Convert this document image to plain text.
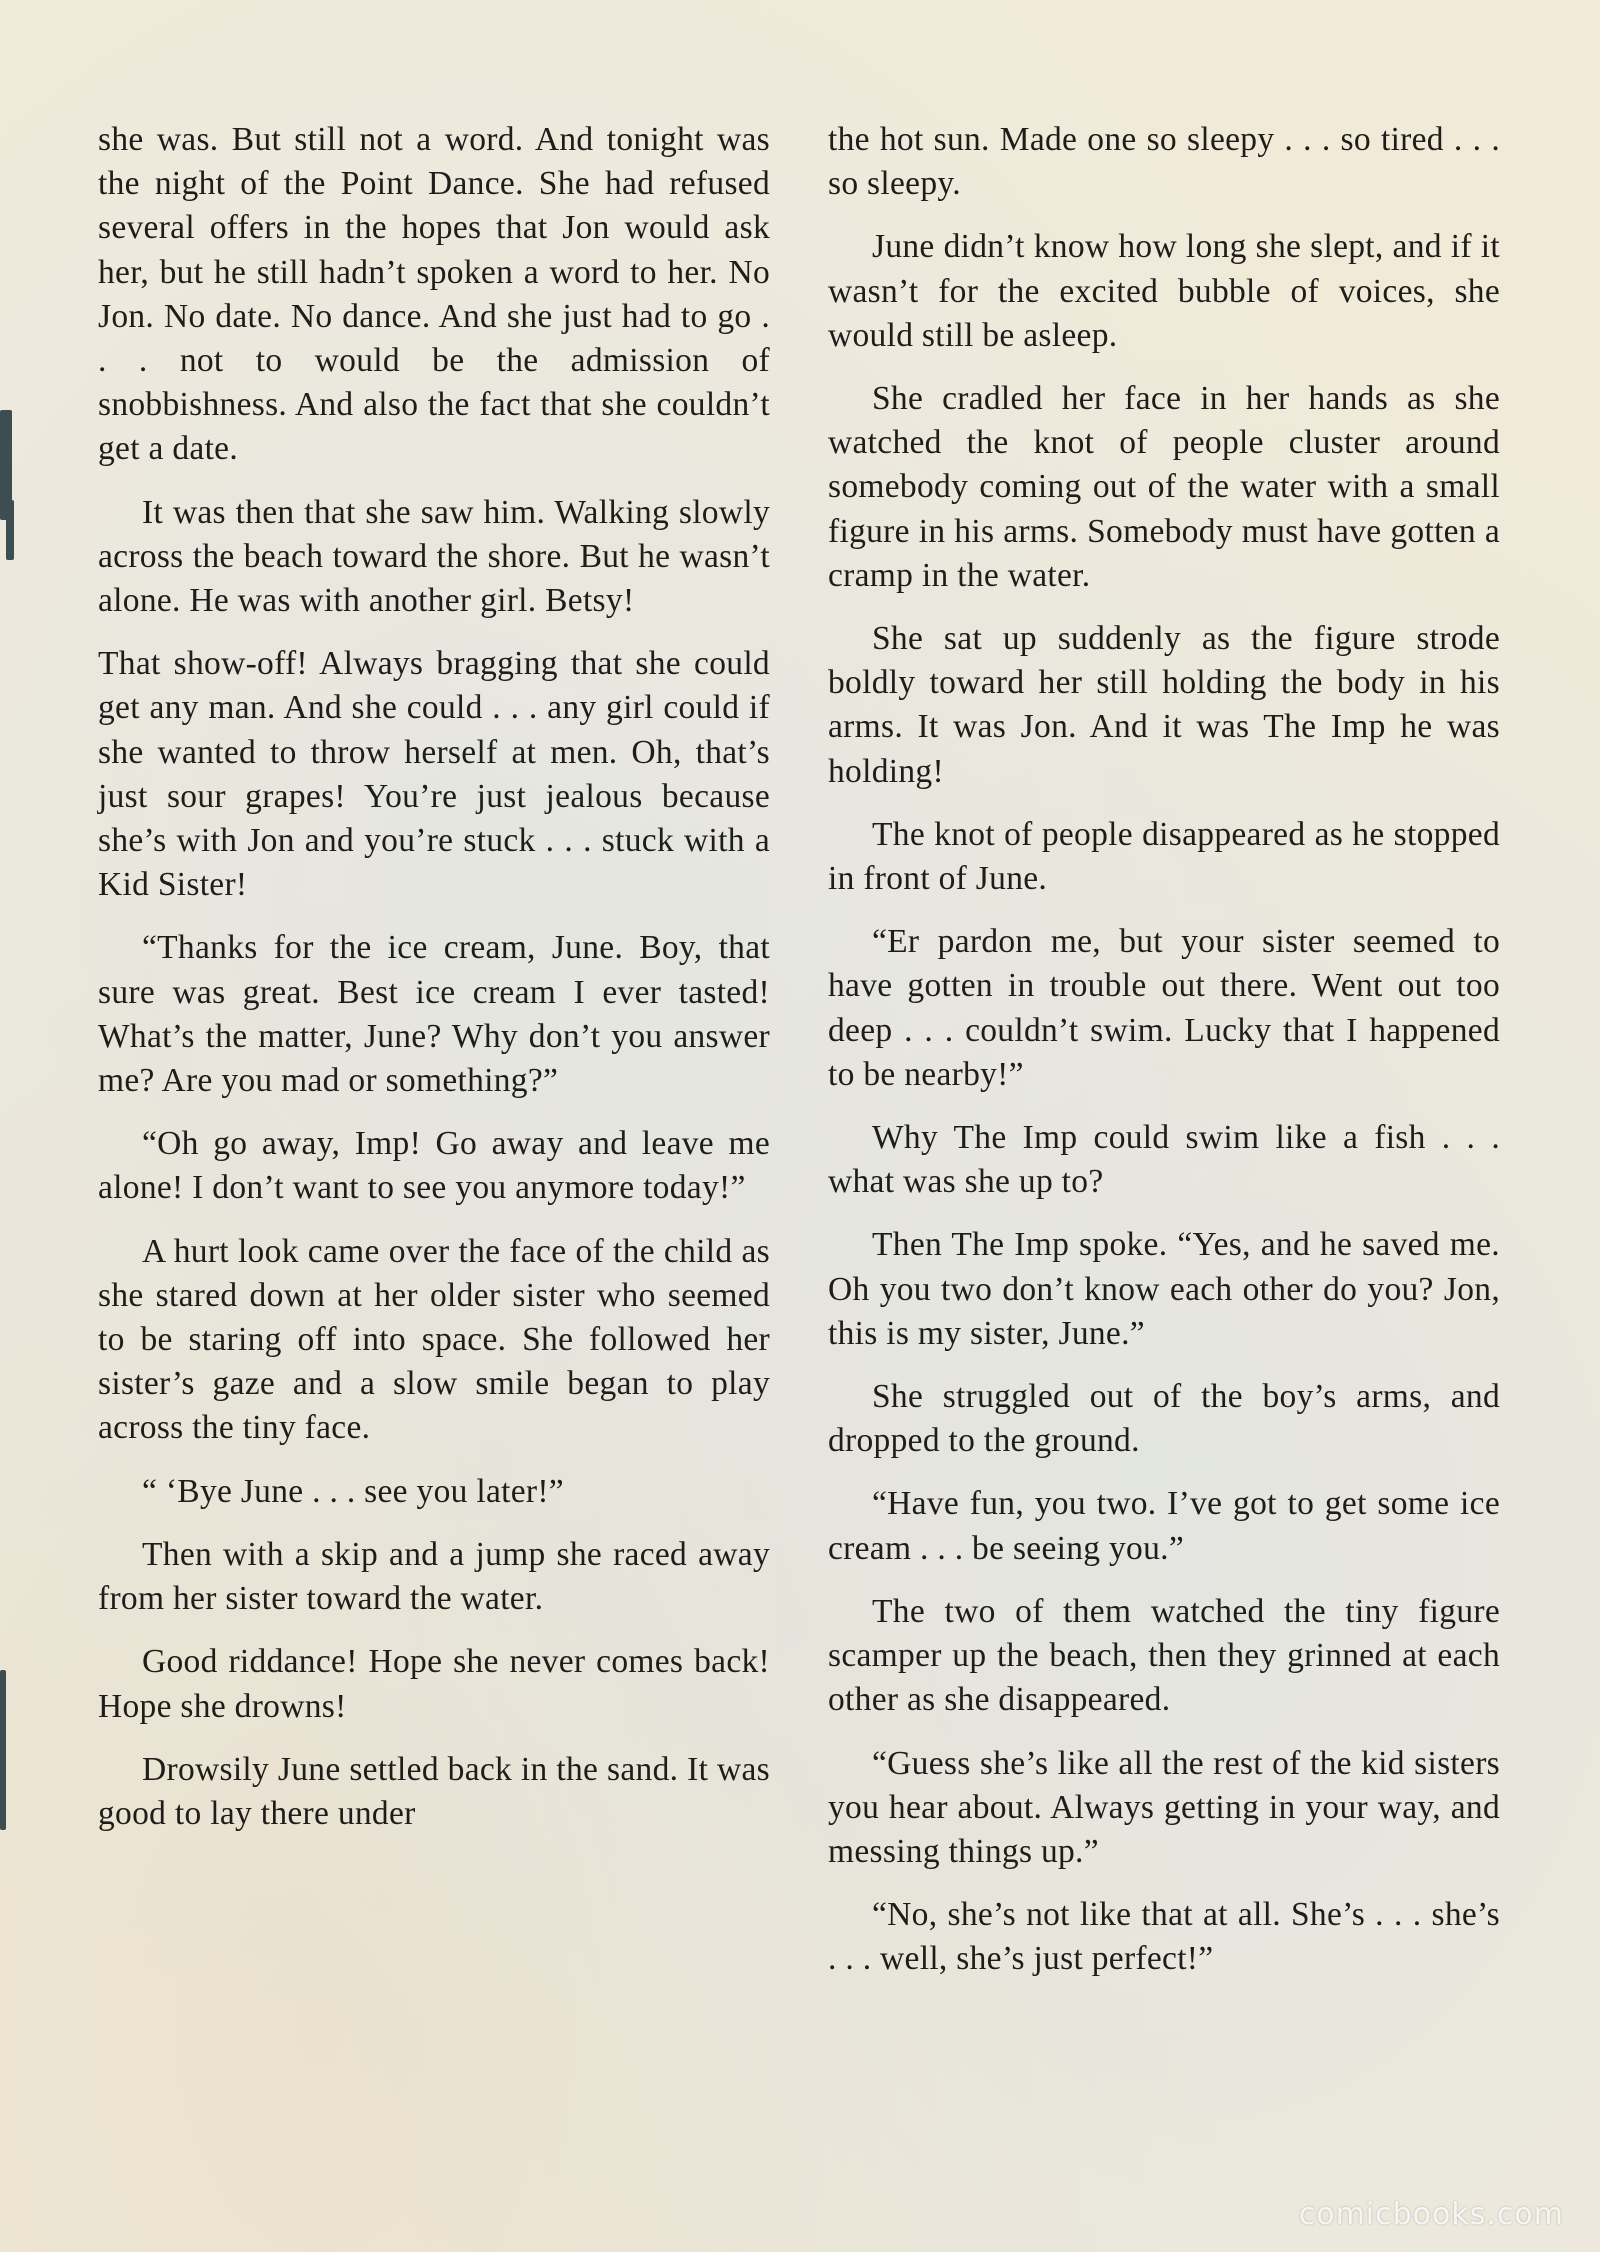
she was. But still not a word. And tonight was the night of the Point Dance. She had refused several offers in the hopes that Jon would ask her, but he still hadn’t spoken a word to her. No Jon. No date. No dance. And she just had to go . . . not to would be the admission of snobbishness. And also the fact that she couldn’t get a date.

It was then that she saw him. Walking slowly across the beach toward the shore. But he wasn’t alone. He was with another girl. Betsy!

That show-off! Always bragging that she could get any man. And she could . . . any girl could if she wanted to throw herself at men. Oh, that’s just sour grapes! You’re just jealous because she’s with Jon and you’re stuck . . . stuck with a Kid Sister!

“Thanks for the ice cream, June. Boy, that sure was great. Best ice cream I ever tasted! What’s the matter, June? Why don’t you answer me? Are you mad or something?”

“Oh go away, Imp! Go away and leave me alone! I don’t want to see you anymore today!”

A hurt look came over the face of the child as she stared down at her older sister who seemed to be staring off into space. She followed her sister’s gaze and a slow smile began to play across the tiny face.

“ ‘Bye June . . . see you later!”

Then with a skip and a jump she raced away from her sister toward the water.

Good riddance! Hope she never comes back! Hope she drowns!

Drowsily June settled back in the sand. It was good to lay there under

the hot sun. Made one so sleepy . . . so tired . . . so sleepy.

June didn’t know how long she slept, and if it wasn’t for the excited bubble of voices, she would still be asleep.

She cradled her face in her hands as she watched the knot of people cluster around somebody coming out of the water with a small figure in his arms. Somebody must have gotten a cramp in the water.

She sat up suddenly as the figure strode boldly toward her still holding the body in his arms. It was Jon. And it was The Imp he was holding!

The knot of people disappeared as he stopped in front of June.

“Er pardon me, but your sister seemed to have gotten in trouble out there. Went out too deep . . . couldn’t swim. Lucky that I happened to be nearby!”

Why The Imp could swim like a fish . . . what was she up to?

Then The Imp spoke. “Yes, and he saved me. Oh you two don’t know each other do you? Jon, this is my sister, June.”

She struggled out of the boy’s arms, and dropped to the ground.

“Have fun, you two. I’ve got to get some ice cream . . . be seeing you.”

The two of them watched the tiny figure scamper up the beach, then they grinned at each other as she disappeared.

“Guess she’s like all the rest of the kid sisters you hear about. Always getting in your way, and messing things up.”

“No, she’s not like that at all. She’s . . . she’s . . . well, she’s just perfect!”

comicbooks.com
